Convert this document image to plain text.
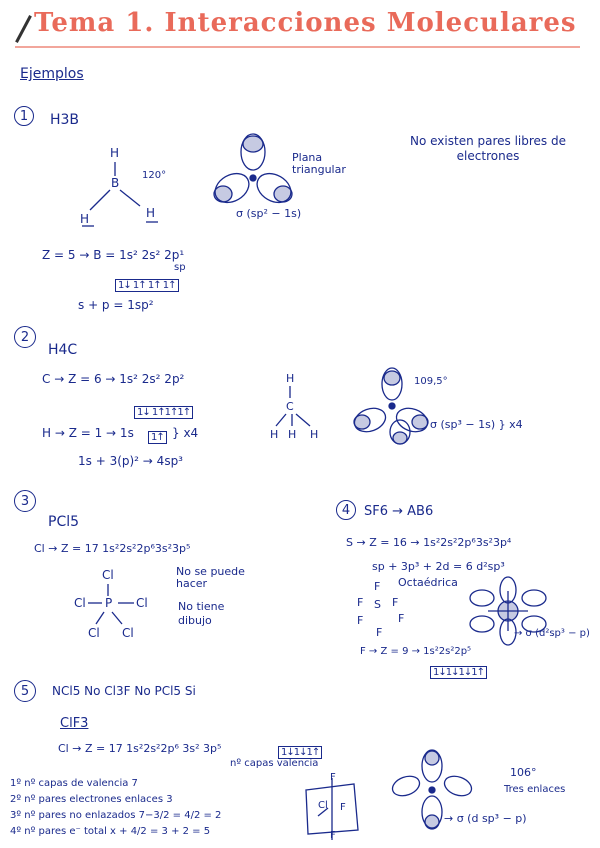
Tema 1. Interacciones Moleculares
Ejemplos
1	H3B
H
B
H	H
120°
σ (sp² − 1s)
Plana triangular
No existen pares libres de electrones
Z = 5 → B = 1s² 2s² 2p¹
sp
1↓ 1↑ 1↑ 1↑
s + p = 1sp²
2
H4C
C → Z = 6 → 1s² 2s² 2p²
1↓ 1↑1↑1↑
H → Z = 1 → 1s	1↑ } x4
1s + 3(p)² → 4sp³
H
C
H H H
109,5°
σ (sp³ − 1s) } x4
3
PCl5
Cl → Z = 17 1s²2s²2p⁶3s²3p⁵
Cl
Cl P Cl
Cl Cl
No se puede hacer
No tiene dibujo
4	SF6 → AB6
S → Z = 16 → 1s²2s²2p⁶3s²3p⁴
sp + 3p³ + 2d = 6 d²sp³
Octaédrica
F
F S F
F	F
F
F → Z = 9 → 1s²2s²2p⁵
1↓1↓1↓1↑
→ σ (d²sp³ − p)
5	NCl5 No Cl3F No PCl5 Si
ClF3
Cl → Z = 17 1s²2s²2p⁶ 3s² 3p⁵	1↓1↓1↑
nº capas valencia
1º nº capas de valencia 7
2º nº pares electrones enlaces 3
3º nº pares no enlazados 7−3/2 = 4/2 = 2
4º nº pares e⁻ total x + 4/2 = 3 + 2 = 5
F
Cl F
F
106°
Tres enlaces
→ σ (d sp³ − p)
